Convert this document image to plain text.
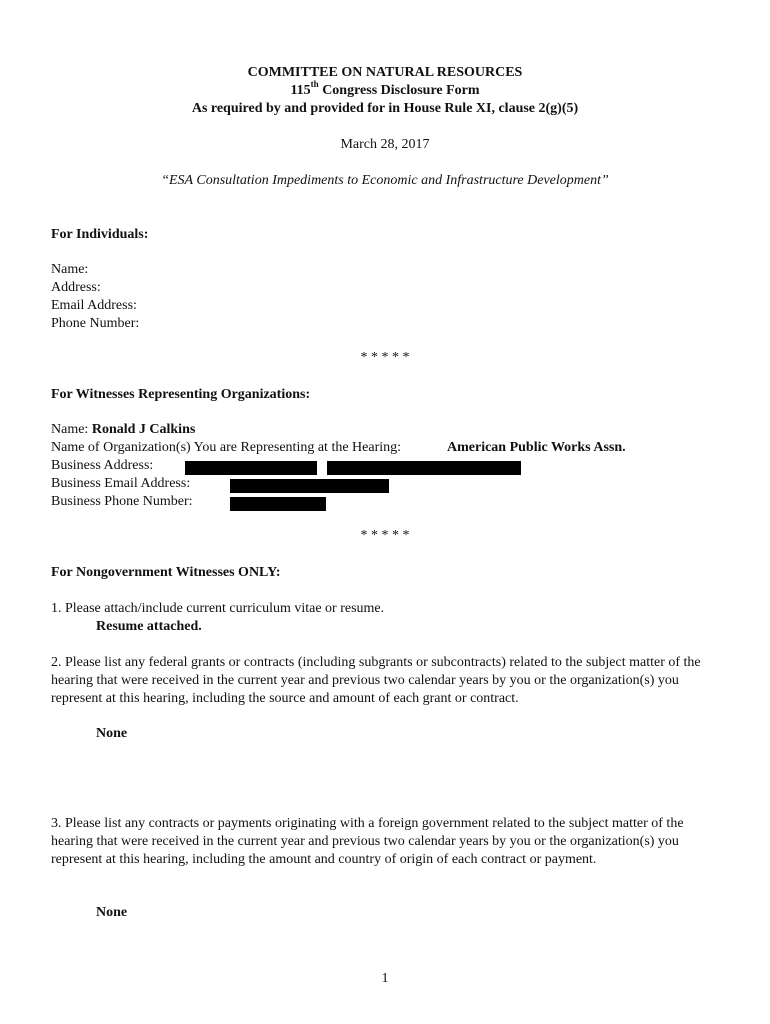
COMMITTEE ON NATURAL RESOURCES
115th Congress Disclosure Form
As required by and provided for in House Rule XI, clause 2(g)(5)
March 28, 2017
“ESA Consultation Impediments to Economic and Infrastructure Development”
For Individuals:
Name:
Address:
Email Address:
Phone Number:
* * * * *
For Witnesses Representing Organizations:
Name: Ronald J Calkins
Name of Organization(s) You are Representing at the Hearing:	American Public Works Assn.
Business Address:
Business Email Address:
Business Phone Number:
* * * * *
For Nongovernment Witnesses ONLY:
1. Please attach/include current curriculum vitae or resume.
Resume attached.
2. Please list any federal grants or contracts (including subgrants or subcontracts) related to the subject matter of the hearing that were received in the current year and previous two calendar years by you or the organization(s) you represent at this hearing, including the source and amount of each grant or contract.
None
3. Please list any contracts or payments originating with a foreign government related to the subject matter of the hearing that were received in the current year and previous two calendar years by you or the organization(s) you represent at this hearing, including the amount and country of origin of each contract or payment.
None
1
